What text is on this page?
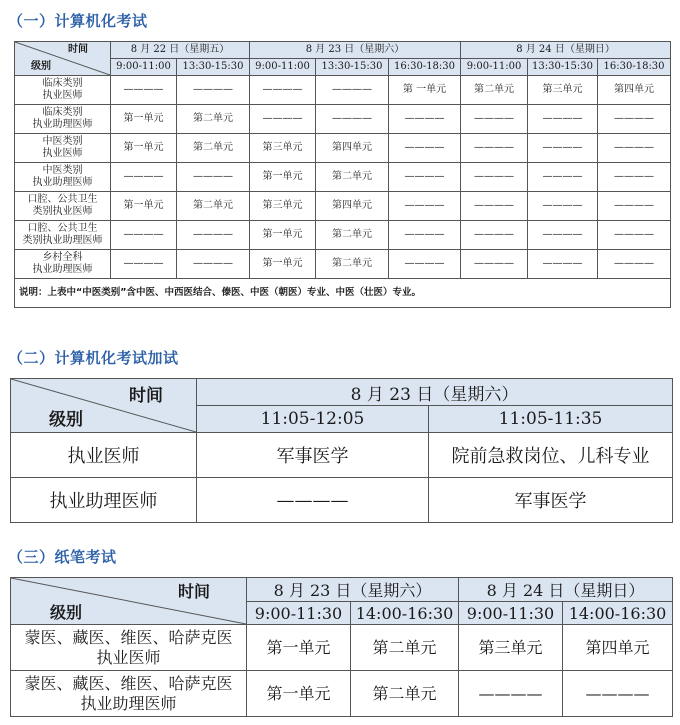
（一）计算机化考试
时间
级别	8 月 22 日（星期五）		8 月 23 日（星期六）			8 月 24 日（星期日）		
	9:00-11:00	13:30-15:30	9:00-11:00	13:30-15:30	16:30-18:30	9:00-11:00	13:30-15:30	16:30-18:30

临床类别
执业医师	————	————	————	————	第 一单元	第二单元	第三单元	第四单元

临床类别
执业助理医师	第一单元	第二单元	————	————	————	————	————	————

中医类别
执业医师	第一单元	第二单元	第三单元	第四单元	————	————	————	————

中医类别
执业助理医师	————	————	第一单元	第二单元	————	————	————	————

口腔、公共卫生
类别执业医师	第一单元	第二单元	第三单元	第四单元	————	————	————	————

口腔、公共卫生
类别执业助理医师	————	————	第一单元	第二单元	————	————	————	————

乡村全科
执业助理医师	————	————	第一单元	第二单元	————	————	————	————
说明：上表中“中医类别”含中医、中西医结合、傣医、中医（朝医）专业、中医（壮医）专业。								
（二）计算机化考试加试
时间
级别	8 月 23 日（星期六）	
	11:05-12:05	11:05-11:35
执业医师	军事医学	院前急救岗位、儿科专业
执业助理医师	————	军事医学
（三）纸笔考试
时间
级别	8 月 23 日（星期六）		8 月 24 日（星期日）	
	9:00-11:30	14:00-16:30	9:00-11:30	14:00-16:30

蒙医、藏医、维医、哈萨克医
执业医师	第一单元	第二单元	第三单元	第四单元

蒙医、藏医、维医、哈萨克医
执业助理医师	第一单元	第二单元	————	————
